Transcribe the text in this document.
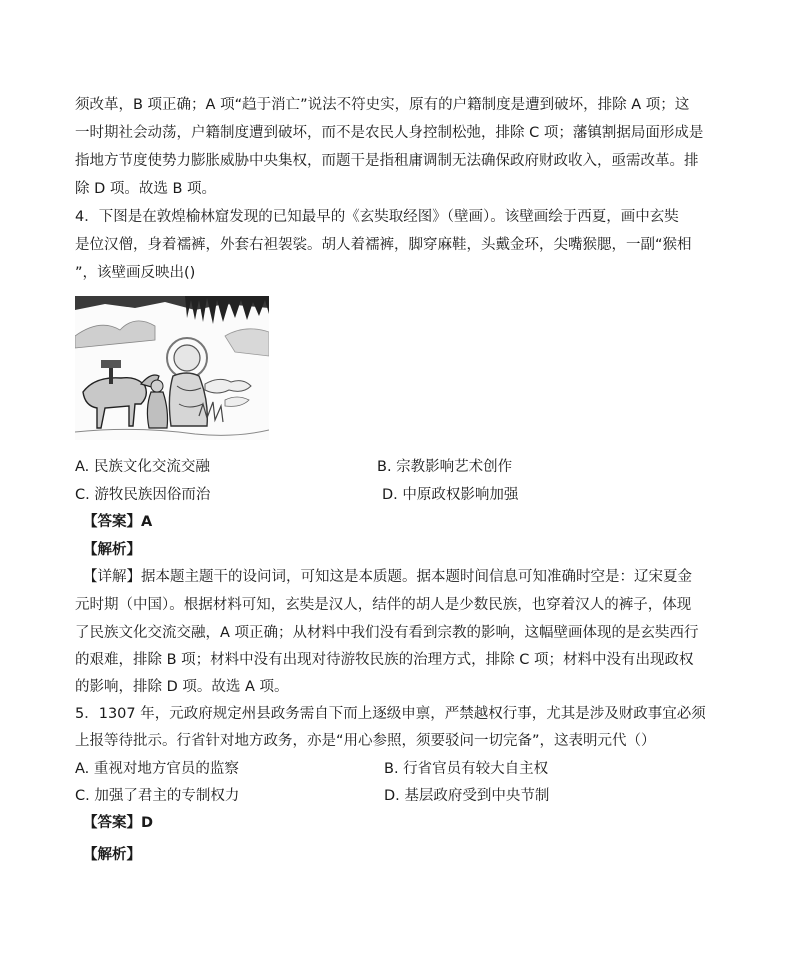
须改革，B 项正确；A 项“趋于消亡”说法不符史实，原有的户籍制度是遭到破坏，排除 A 项；这
一时期社会动荡，户籍制度遭到破坏，而不是农民人身控制松弛，排除 C 项；藩镇割据局面形成是
指地方节度使势力膨胀威胁中央集权，而题干是指租庸调制无法确保政府财政收入，亟需改革。排
除 D 项。故选 B 项。
4．下图是在敦煌榆林窟发现的已知最早的《玄奘取经图》（壁画）。该壁画绘于西夏，画中玄奘
是位汉僧，身着襦裤，外套右袒袈裟。胡人着襦裤，脚穿麻鞋，头戴金环，尖嘴猴腮，一副“猴相
”，该壁画反映出()
A. 民族文化交流交融	B. 宗教影响艺术创作
C. 游牧民族因俗而治	D. 中原政权影响加强
【答案】A
【解析】
【详解】据本题主题干的设问词，可知这是本质题。据本题时间信息可知准确时空是：辽宋夏金
元时期（中国）。根据材料可知，玄奘是汉人，结伴的胡人是少数民族，也穿着汉人的裤子，体现
了民族文化交流交融，A 项正确；从材料中我们没有看到宗教的影响，这幅壁画体现的是玄奘西行
的艰难，排除 B 项；材料中没有出现对待游牧民族的治理方式，排除 C 项；材料中没有出现政权
的影响，排除 D 项。故选 A 项。
5．1307 年，元政府规定州县政务需自下而上逐级申禀，严禁越权行事，尤其是涉及财政事宜必须
上报等待批示。行省针对地方政务，亦是“用心参照，须要驳问一切完备”，这表明元代（）
A. 重视对地方官员的监察	B. 行省官员有较大自主权
C. 加强了君主的专制权力	D. 基层政府受到中央节制
【答案】D
【解析】
